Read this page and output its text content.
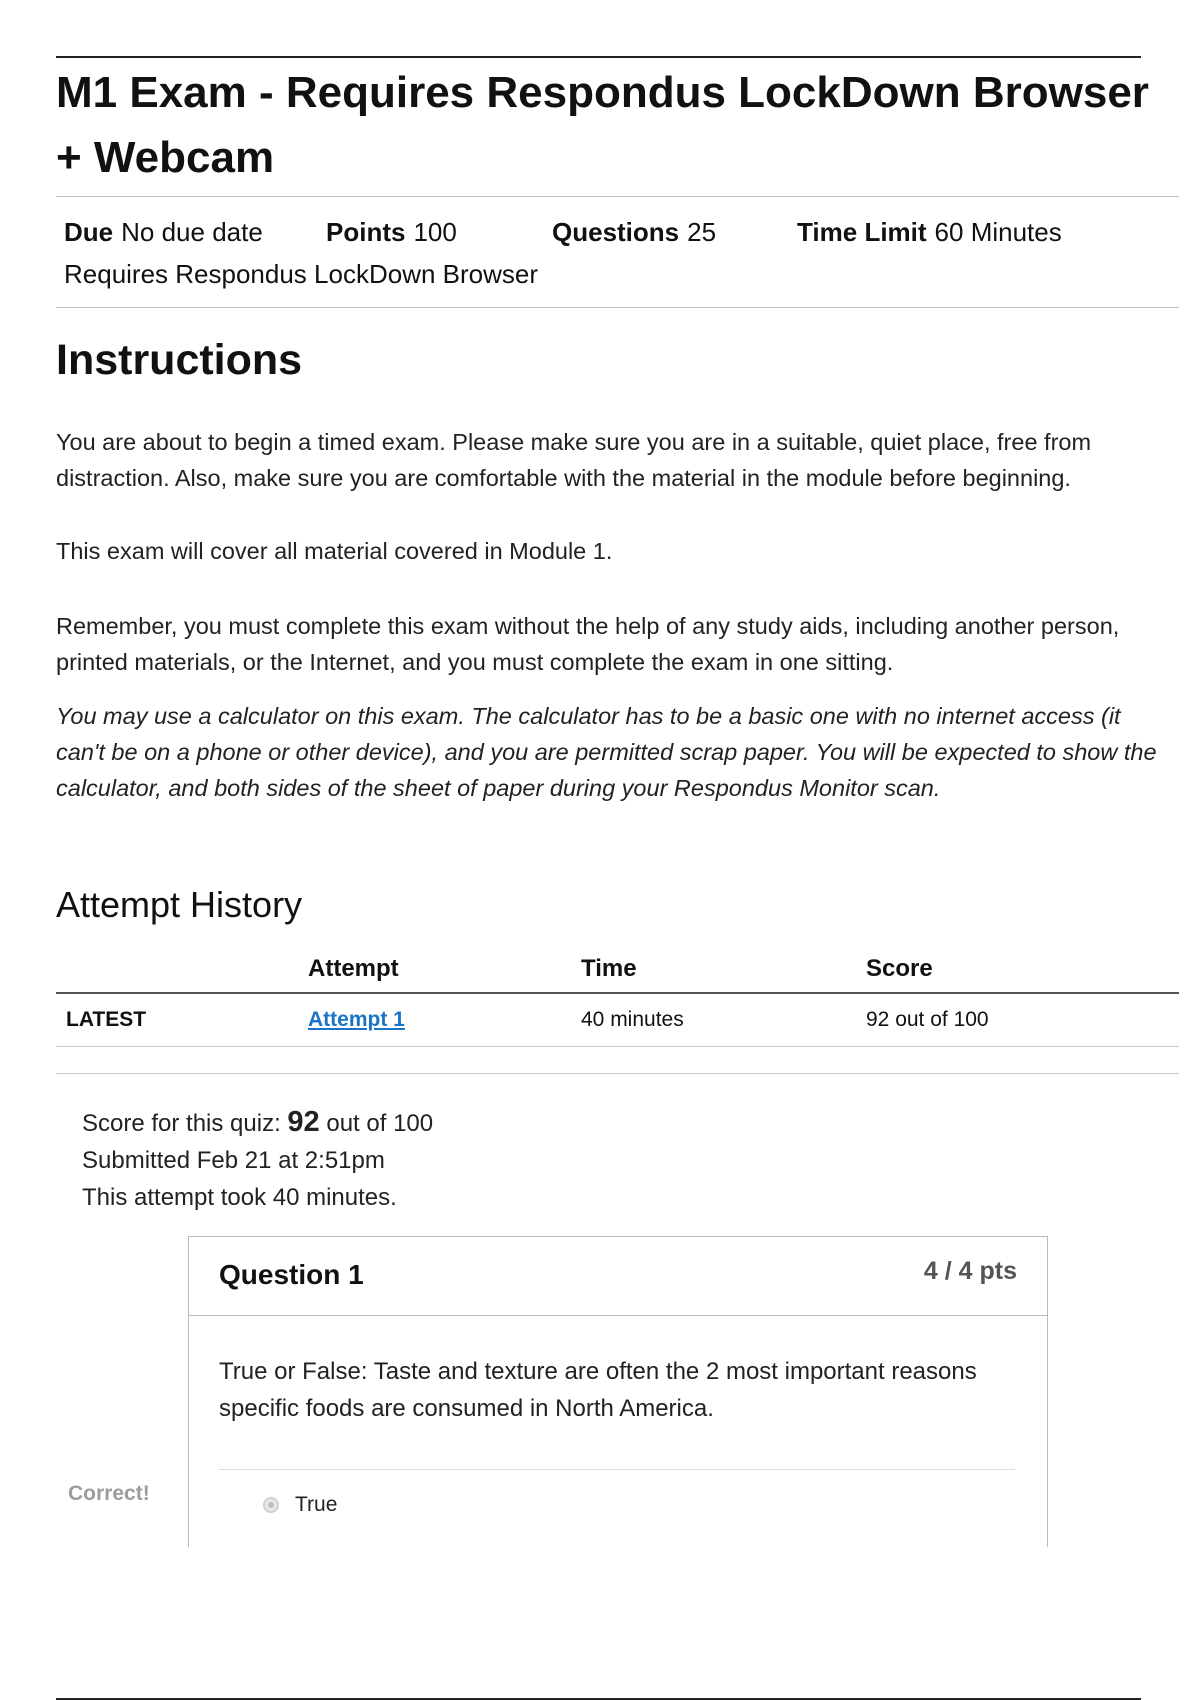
M1 Exam - Requires Respondus LockDown Browser + Webcam
Due No due date Points 100	Questions 25	Time Limit 60 Minutes
Requires Respondus LockDown Browser
Instructions

You are about to begin a timed exam. Please make sure you are in a suitable, quiet place, free from distraction. Also, make sure you are comfortable with the material in the module before beginning.

This exam will cover all material covered in Module 1.

Remember, you must complete this exam without the help of any study aids, including another person, printed materials, or the Internet, and you must complete the exam in one sitting.

You may use a calculator on this exam. The calculator has to be a basic one with no internet access (it can't be on a phone or other device), and you are permitted scrap paper. You will be expected to show the calculator, and both sides of the sheet of paper during your Respondus Monitor scan.

Attempt History
	Attempt	Time	Score
LATEST	Attempt 1	40 minutes	92 out of 100
Score for this quiz: 92 out of 100
Submitted Feb 21 at 2:51pm
This attempt took 40 minutes.
Correct!
Question 1	4 / 4 pts
True or False: Taste and texture are often the 2 most important reasons specific foods are consumed in North America.
True
